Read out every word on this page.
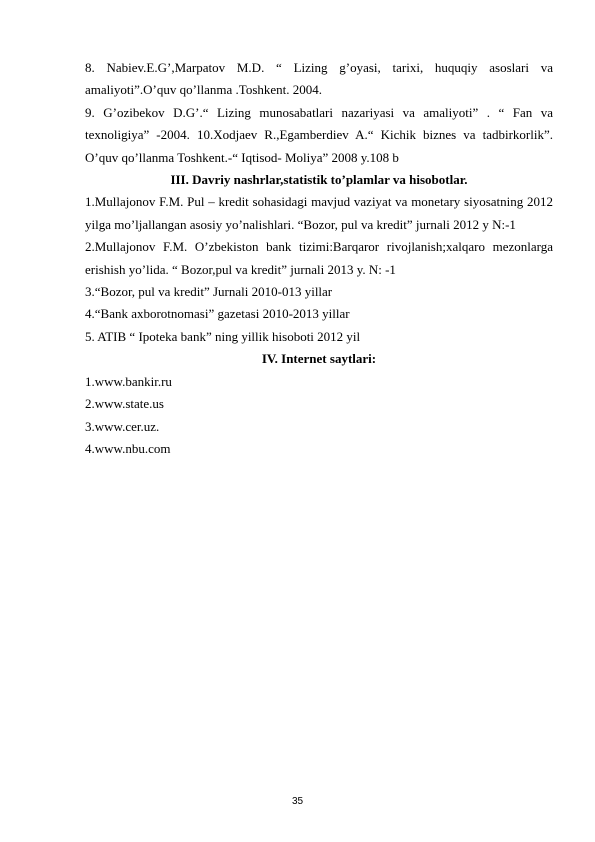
8. Nabiev.E.G’,Marpatov M.D. “ Lizing g’oyasi, tarixi, huquqiy asoslari va amaliyoti”.O’quv qo’llanma .Toshkent. 2004.

9. G’ozibekov D.G’.“ Lizing munosabatlari nazariyasi va amaliyoti” . “ Fan va texnoligiya” -2004. 10.Xodjaev R.,Egamberdiev A.“ Kichik biznes va tadbirkorlik”. O’quv qo’llanma Toshkent.-“ Iqtisod- Moliya” 2008 y.108 b

III. Davriy nashrlar,statistik to’plamlar va hisobotlar.

1.Mullajonov F.M. Pul – kredit sohasidagi mavjud vaziyat va monetary siyosatning 2012 yilga mo’ljallangan asosiy yo’nalishlari. “Bozor, pul va kredit” jurnali 2012 y N:-1

2.Mullajonov F.M. O’zbekiston bank tizimi:Barqaror rivojlanish;xalqaro mezonlarga erishish yo’lida. “ Bozor,pul va kredit” jurnali 2013 y. N: -1

3.“Bozor, pul va kredit” Jurnali 2010-013 yillar

4.“Bank axborotnomasi” gazetasi 2010-2013 yillar

5. ATIB “ Ipoteka bank” ning yillik hisoboti 2012 yil

IV. Internet saytlari:

1.www.bankir.ru

2.www.state.us

3.www.cer.uz.

4.www.nbu.com

35
